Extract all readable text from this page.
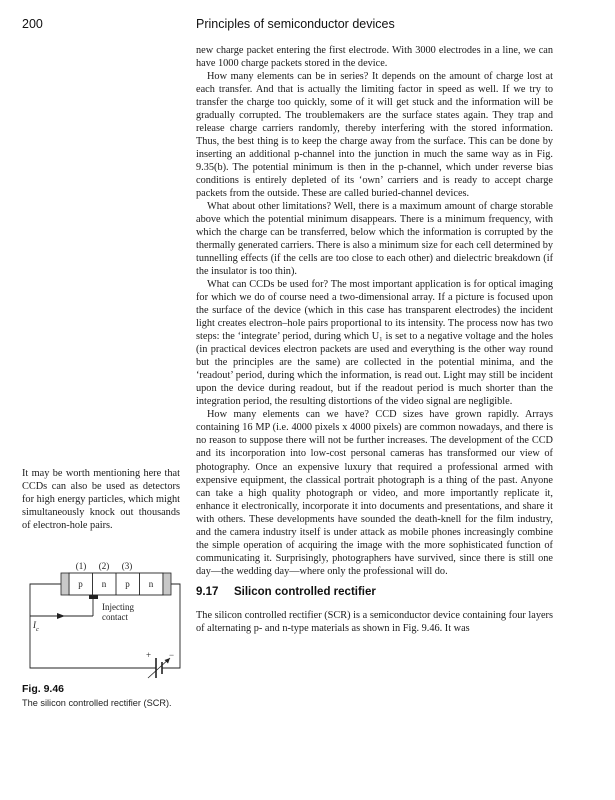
200	Principles of semiconductor devices

new charge packet entering the first electrode. With 3000 electrodes in a line, we can have 1000 charge packets stored in the device.

How many elements can be in series? It depends on the amount of charge lost at each transfer. And that is actually the limiting factor in speed as well. If we try to transfer the charge too quickly, some of it will get stuck and the information will be gradually corrupted. The troublemakers are the surface states again. They trap and release charge carriers randomly, thereby interfering with the stored information. Thus, the best thing is to keep the charge away from the surface. This can be done by inserting an additional p-channel into the junction in much the same way as in Fig. 9.35(b). The potential minimum is then in the p-channel, which under reverse bias conditions is entirely depleted of its ‘own’ carriers and is ready to accept charge packets from the outside. These are called buried-channel devices.

What about other limitations? Well, there is a maximum amount of charge storable above which the potential minimum disappears. There is a minimum frequency, with which the charge can be transferred, below which the information is corrupted by the thermally generated carriers. There is also a minimum size for each cell determined by tunnelling effects (if the cells are too close to each other) and dielectric breakdown (if the insulator is too thin).

What can CCDs be used for? The most important application is for optical imaging for which we do of course need a two-dimensional array. If a picture is focused upon the surface of the device (which in this case has transparent electrodes) the incident light creates electron–hole pairs proportional to its intensity. The process now has two steps: the ‘integrate’ period, during which U₁ is set to a negative voltage and the holes (in practical devices electron packets are used and everything is the other way round but the principles are the same) are collected in the potential minima, and the ‘readout’ period, during which the information, is read out. Light may still be incident upon the device during readout, but if the readout period is much shorter than the integration period, the resulting distortions of the video signal are negligible.

How many elements can we have? CCD sizes have grown rapidly. Arrays containing 16 MP (i.e. 4000 pixels x 4000 pixels) are common nowadays, and there is no reason to suppose there will not be further increases. The development of the CCD and its incorporation into low-cost personal cameras has transformed our view of photography. Once an expensive luxury that required a professional armed with expensive equipment, the classical portrait photograph is a thing of the past. Anyone can take a high quality photograph or video, and more importantly replicate it, enhance it electronically, incorporate it into documents and presentations, and share it with others. These developments have sounded the death-knell for the film industry, and the camera industry itself is under attack as mobile phones increasingly combine the simple operation of acquiring the image with the more sophisticated function of communicating it. Surprisingly, photographers have survived, since there is still one day—the wedding day—where only the professional will do.

9.17 Silicon controlled rectifier

The silicon controlled rectifier (SCR) is a semiconductor device containing four layers of alternating p- and n-type materials as shown in Fig. 9.46. It was

It may be worth mentioning here that CCDs can also be used as detectors for high energy particles, which might simultaneously knock out thousands of electron-hole pairs.
(1) (2) (3)
p n p n
Injecting
contact
$I_c$
+ −
Fig. 9.46
The silicon controlled rectifier (SCR).
